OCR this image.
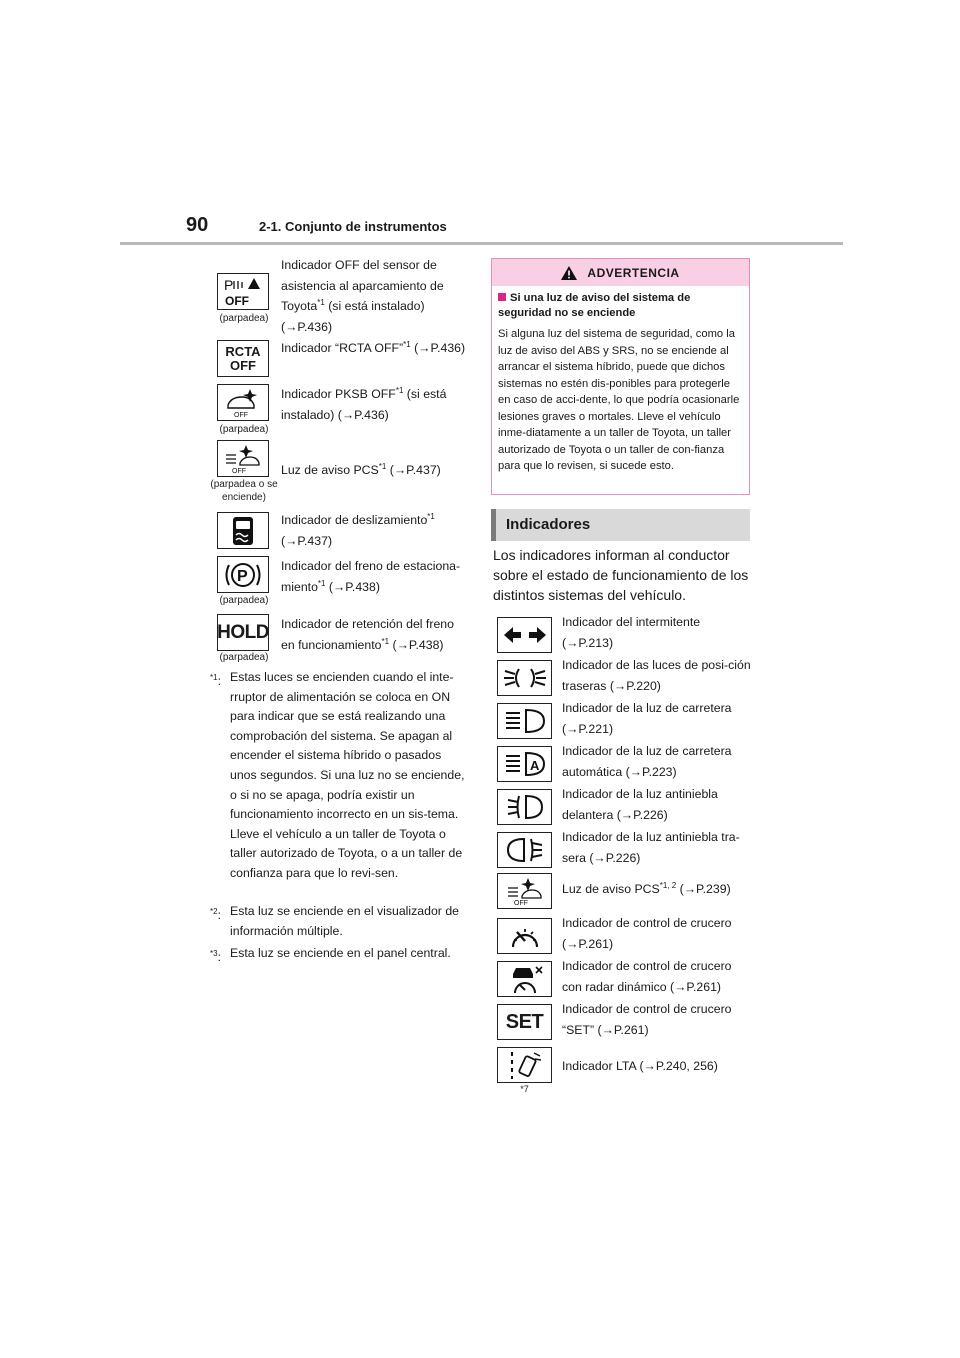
90	2-1. Conjunto de instrumentos
P
OFF
(parpadea)
Indicador OFF del sensor de asistencia al aparcamiento de Toyota$^{*1}$ (si está instalado) (→P.436)
RCTA
OFF
Indicador “RCTA OFF”$^{*1}$ (→P.436)
OFF
(parpadea)
Indicador PKSB OFF$^{*1}$ (si está instalado) (→P.436)
OFF
(parpadea o se enciende)
Luz de aviso PCS$^{*1}$ (→P.437)
Indicador de deslizamiento$^{*1}$ (→P.437)
P
(parpadea)
Indicador del freno de estaciona-miento$^{*1}$ (→P.438)
HOLD
(parpadea)
Indicador de retención del freno en funcionamiento$^{*1}$ (→P.438)
$^{*1}$: Estas luces se encienden cuando el inte-rruptor de alimentación se coloca en ON para indicar que se está realizando una comprobación del sistema. Se apagan al encender el sistema híbrido o pasados unos segundos. Si una luz no se enciende, o si no se apaga, podría existir un funcionamiento incorrecto en un sis-tema. Lleve el vehículo a un taller de Toyota o taller autorizado de Toyota, o a un taller de confianza para que lo revi-sen.
$^{*2}$: Esta luz se enciende en el visualizador de información múltiple.
$^{*3}$: Esta luz se enciende en el panel central.
ADVERTENCIA
Si una luz de aviso del sistema de seguridad no se enciende
Si alguna luz del sistema de seguridad, como la luz de aviso del ABS y SRS, no se enciende al arrancar el sistema híbrido, puede que dichos sistemas no estén dis-ponibles para protegerle en caso de acci-dente, lo que podría ocasionarle lesiones graves o mortales. Lleve el vehículo inme-diatamente a un taller de Toyota, un taller autorizado de Toyota o un taller de con-fianza para que lo revisen, si sucede esto.
Indicadores
Los indicadores informan al conductor sobre el estado de funcionamiento de los distintos sistemas del vehículo.
Indicador del intermitente (→P.213)
Indicador de las luces de posi-ción traseras (→P.220)
Indicador de la luz de carretera (→P.221)
A
Indicador de la luz de carretera automática (→P.223)
Indicador de la luz antiniebla delantera (→P.226)
Indicador de la luz antiniebla tra-sera (→P.226)
OFF
Luz de aviso PCS$^{*1, 2}$ (→P.239)
Indicador de control de crucero (→P.261)
Indicador de control de crucero con radar dinámico (→P.261)
SET
Indicador de control de crucero “SET” (→P.261)
*7
Indicador LTA (→P.240, 256)
